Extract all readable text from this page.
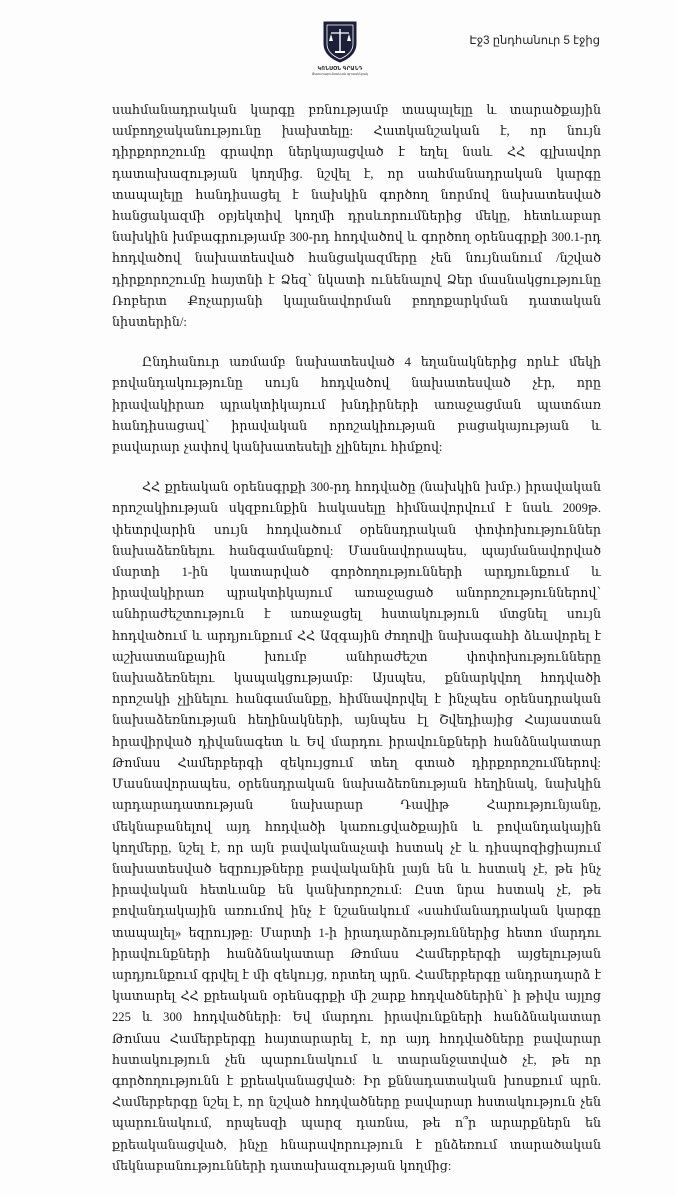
ԿՈՆՍՕՆ ԳՐԱՆԴ
Փաստաբանական գրասենյակ
Էջ3 ընդհանուր 5 էջից

սահմանադրական կարգը բռնությամբ տապալելը և տարածքային ամբողջականությունը խախտելը: Հատկանշական է, որ նույն դիրքորոշումը գրավոր ներկայացված է եղել նաև ՀՀ գլխավոր դատախազության կողմից. նշվել է, որ սահմանադրական կարգը տապալելը հանդիսացել է նախկին գործող նորմով նախատեսված հանցակազմի օբյեկտիվ կողմի դրսևորումներից մեկը, հետևաբար նախկին խմբագրությամբ 300-րդ հոդվածով և գործող օրենսգրքի 300.1-րդ հոդվածով նախատեսված հանցակազմերը չեն նույնանում /նշված դիրքորոշումը հայտնի է Ձեզ՝ նկատի ունենալով Ձեր մասնակցությունը Ռոբերտ Քոչարյանի կալանավորման բողոքարկման դատական նիստերին/:

Ընդհանուր առմամբ նախատեսված 4 եղանակներից որևէ մեկի բովանդակությունը սույն հոդվածով նախատեսված չէր, որը իրավակիրառ պրակտիկայում խնդիրների առաջացման պատճառ հանդիսացավ՝ իրավական որոշակիության բացակայության և բավարար չափով կանխատեսելի չլինելու հիմքով:

ՀՀ քրեական օրենսգրքի 300-րդ հոդվածը (նախկին խմբ.) իրավական որոշակիության սկզբունքին հակասելը հիմնավորվում է նաև 2009թ. փետրվարին սույն հոդվածում օրենսդրական փոփոխություններ նախաձեռնելու հանգամանքով: Մասնավորապես, պայմանավորված մարտի 1-ին կատարված գործողությունների արդյունքում և իրավակիրառ պրակտիկայում առաջացած անորոշություններով՝ անհրաժեշտություն է առաջացել հստակություն մտցնել սույն հոդվածում և արդյունքում ՀՀ Ազգային ժողովի նախագահի ձևավորել է աշխատանքային խումբ անհրաժեշտ փոփոխությունները նախաձեռնելու կապակցությամբ: Այսպես, քննարկվող հոդվածի որոշակի չլինելու հանգամանքը, հիմնավորվել է ինչպես օրենսդրական նախաձեռնության հեղինակների, այնպես էլ Շվեդիայից Հայաստան հրավիրված դիվանագետ և Եվ մարդու իրավունքների հանձնակատար Թոմաս Համերբերգի զեկույցում տեղ գտած դիրքորոշումներով: Մասնավորապես, օրենսդրական նախաձեռնության հեղինակ, նախկին արդարադատության նախարար Դավիթ Հարությունյանը, մեկնաբանելով այդ հոդվածի կառուցվածքային և բովանդակային կողմերը, նշել է, որ այն բավականաչափ հստակ չէ և դիսպոզիցիայում նախատեսված եզրույթները բավականին լայն են և հստակ չէ, թե ինչ իրավական հետևանք են կանխորոշում: Ըստ նրա հստակ չէ, թե բովանդակային առումով ինչ է նշանակում «սահմանադրական կարգը տապալել» եզրույթը: Մարտի 1-ի իրադարձություններից հետո մարդու իրավունքների հանձնակատար Թոմաս Համերբերգի այցելության արդյունքում գրվել է մի զեկույց, որտեղ պրն. Համերբերգը անդրադարձ է կատարել ՀՀ քրեական օրենսգրքի մի շարք հոդվածներին՝ ի թիվս այլոց 225 և 300 հոդվածների: Եվ մարդու իրավունքների հանձնակատար Թոմաս Համերբերգը հայտարարել է, որ այդ հոդվածները բավարար հստակություն չեն պարունակում և տարանջատված չէ, թե որ գործողությունն է քրեականացված: Իր քննադատական խոսքում պրն. Համերբերգը նշել է, որ նշված հոդվածները բավարար հստակություն չեն պարունակում, որպեսզի պարզ դառնա, թե ո՞ր արարքներն են քրեականացված, ինչը հնարավորություն է ընձեռում տարածական մեկնաբանությունների դատախազության կողմից:
